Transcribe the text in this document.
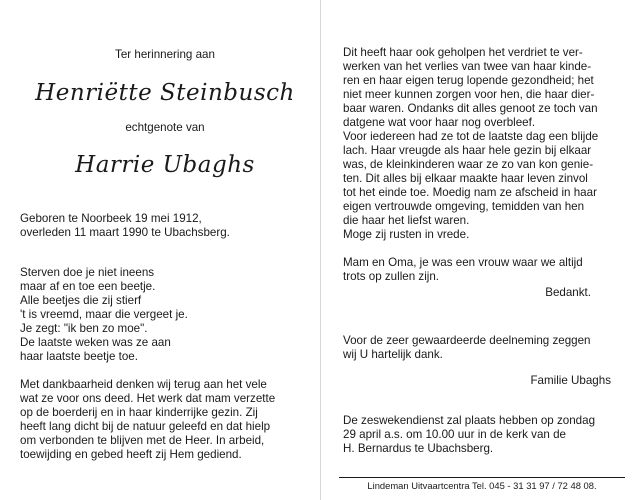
Ter herinnering aan

Henriëtte Steinbusch

echtgenote van

Harrie Ubaghs

Geboren te Noorbeek 19 mei 1912,
overleden 11 maart 1990 te Ubachsberg.
Sterven doe je niet ineens
maar af en toe een beetje.
Alle beetjes die zij stierf
't is vreemd, maar die vergeet je.
Je zegt: "ik ben zo moe".
De laatste weken was ze aan
haar laatste beetje toe.
Met dankbaarheid denken wij terug aan het vele
wat ze voor ons deed. Het werk dat mam verzette
op de boerderij en in haar kinderrijke gezin. Zij
heeft lang dicht bij de natuur geleefd en dat hielp
om verbonden te blijven met de Heer. In arbeid,
toewijding en gebed heeft zij Hem gediend.
Dit heeft haar ook geholpen het verdriet te ver-
werken van het verlies van twee van haar kinde-
ren en haar eigen terug lopende gezondheid; het
niet meer kunnen zorgen voor hen, die haar dier-
baar waren. Ondanks dit alles genoot ze toch van
datgene wat voor haar nog overbleef.
Voor iedereen had ze tot de laatste dag een blijde
lach. Haar vreugde als haar hele gezin bij elkaar
was, de kleinkinderen waar ze zo van kon genie-
ten. Dit alles bij elkaar maakte haar leven zinvol
tot het einde toe. Moedig nam ze afscheid in haar
eigen vertrouwde omgeving, temidden van hen
die haar het liefst waren.
Moge zij rusten in vrede.
Mam en Oma, je was een vrouw waar we altijd
trots op zullen zijn.

Bedankt.

Voor de zeer gewaardeerde deelneming zeggen
wij U hartelijk dank.

Familie Ubaghs

De zeswekendienst zal plaats hebben op zondag
29 april a.s. om 10.00 uur in de kerk van de
H. Bernardus te Ubachsberg.
Lindeman Uitvaartcentra Tel. 045 - 31 31 97 / 72 48 08.
